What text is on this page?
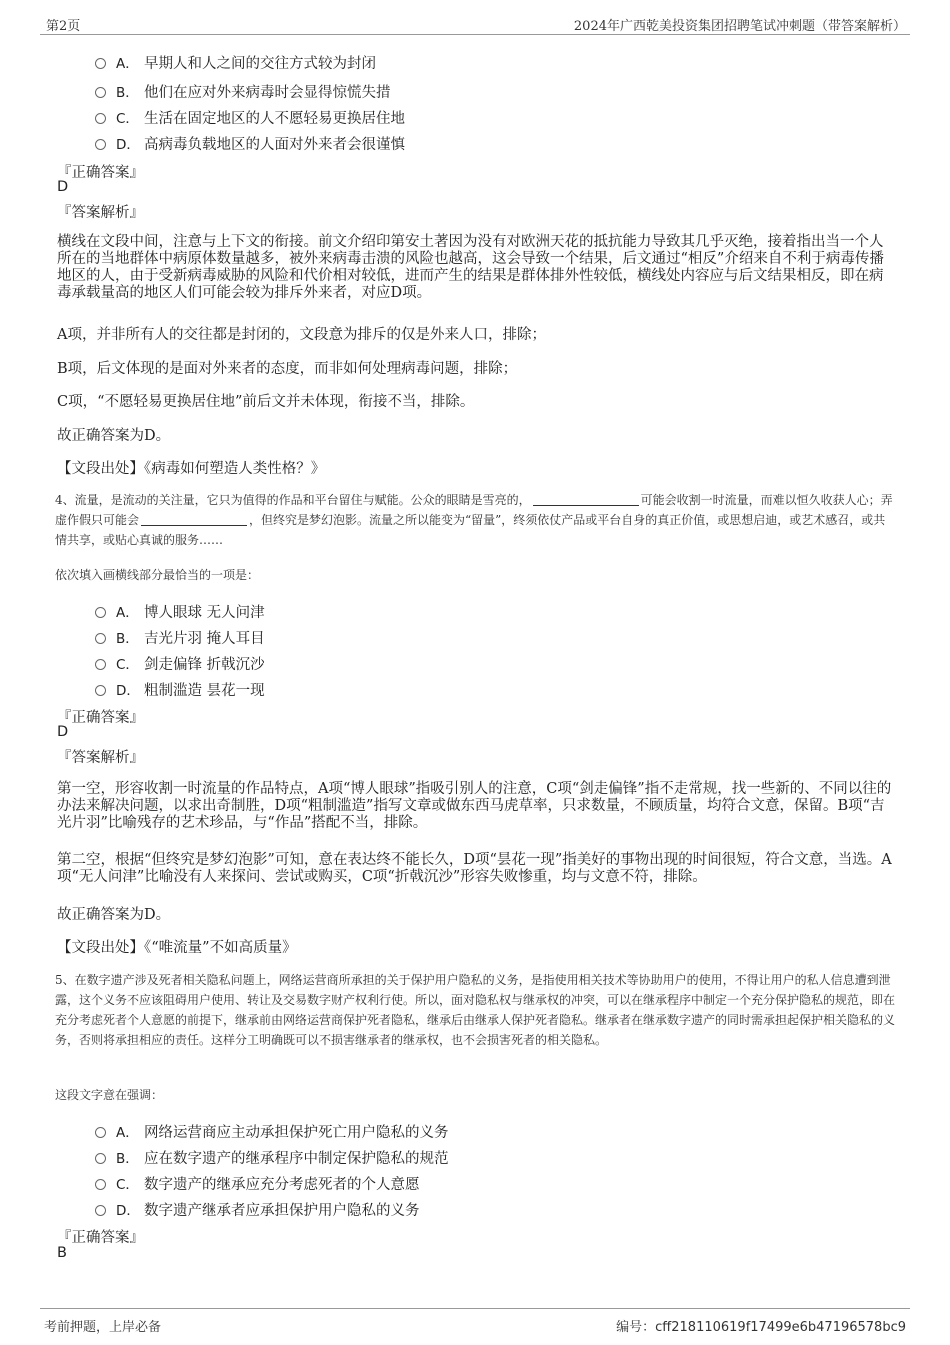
第2页	2024年广西乾美投资集团招聘笔试冲刺题（带答案解析）
A． 早期人和人之间的交往方式较为封闭
B． 他们在应对外来病毒时会显得惊慌失措
C． 生活在固定地区的人不愿轻易更换居住地
D． 高病毒负载地区的人面对外来者会很谨慎
『正确答案』
D
『答案解析』
横线在文段中间，注意与上下文的衔接。前文介绍印第安土著因为没有对欧洲天花的抵抗能力导致其几乎灭绝，接着指出当一个人所在的当地群体中病原体数量越多，被外来病毒击溃的风险也越高，这会导致一个结果，后文通过“相反”介绍来自不利于病毒传播地区的人，由于受新病毒威胁的风险和代价相对较低，进而产生的结果是群体排外性较低，横线处内容应与后文结果相反，即在病毒承载量高的地区人们可能会较为排斥外来者，对应D项。
A项，并非所有人的交往都是封闭的，文段意为排斥的仅是外来人口，排除；
B项，后文体现的是面对外来者的态度，而非如何处理病毒问题，排除；
C项，“不愿轻易更换居住地”前后文并未体现，衔接不当，排除。
故正确答案为D。
【文段出处】《病毒如何塑造人类性格？》
4、流量，是流动的关注量，它只为值得的作品和平台留住与赋能。公众的眼睛是雪亮的，	可能会收割一时流量，而难以恒久收获人心；弄虚作假只可能会	，但终究是梦幻泡影。流量之所以能变为“留量”，终须依仗产品或平台自身的真正价值，或思想启迪，或艺术感召，或共情共享，或贴心真诚的服务……
依次填入画横线部分最恰当的一项是：
A． 博人眼球 无人问津
B． 吉光片羽 掩人耳目
C． 剑走偏锋 折戟沉沙
D． 粗制滥造 昙花一现
『正确答案』
D
『答案解析』
第一空，形容收割一时流量的作品特点，A项“博人眼球”指吸引别人的注意，C项“剑走偏锋”指不走常规，找一些新的、不同以往的办法来解决问题，以求出奇制胜，D项“粗制滥造”指写文章或做东西马虎草率，只求数量，不顾质量，均符合文意，保留。B项“吉光片羽”比喻残存的艺术珍品，与“作品”搭配不当，排除。
第二空，根据“但终究是梦幻泡影”可知，意在表达终不能长久，D项“昙花一现”指美好的事物出现的时间很短，符合文意，当选。A项“无人问津”比喻没有人来探问、尝试或购买，C项“折戟沉沙”形容失败惨重，均与文意不符，排除。
故正确答案为D。
【文段出处】《“唯流量”不如高质量》
5、在数字遗产涉及死者相关隐私问题上，网络运营商所承担的关于保护用户隐私的义务，是指使用相关技术等协助用户的使用，不得让用户的私人信息遭到泄露，这个义务不应该阻碍用户使用、转让及交易数字财产权利行使。所以，面对隐私权与继承权的冲突，可以在继承程序中制定一个充分保护隐私的规范，即在充分考虑死者个人意愿的前提下，继承前由网络运营商保护死者隐私，继承后由继承人保护死者隐私。继承者在继承数字遗产的同时需承担起保护相关隐私的义务，否则将承担相应的责任。这样分工明确既可以不损害继承者的继承权，也不会损害死者的相关隐私。
这段文字意在强调：
A． 网络运营商应主动承担保护死亡用户隐私的义务
B． 应在数字遗产的继承程序中制定保护隐私的规范
C． 数字遗产的继承应充分考虑死者的个人意愿
D． 数字遗产继承者应承担保护用户隐私的义务
『正确答案』
B
考前押题，上岸必备	编号：cff218110619f17499e6b47196578bc9
